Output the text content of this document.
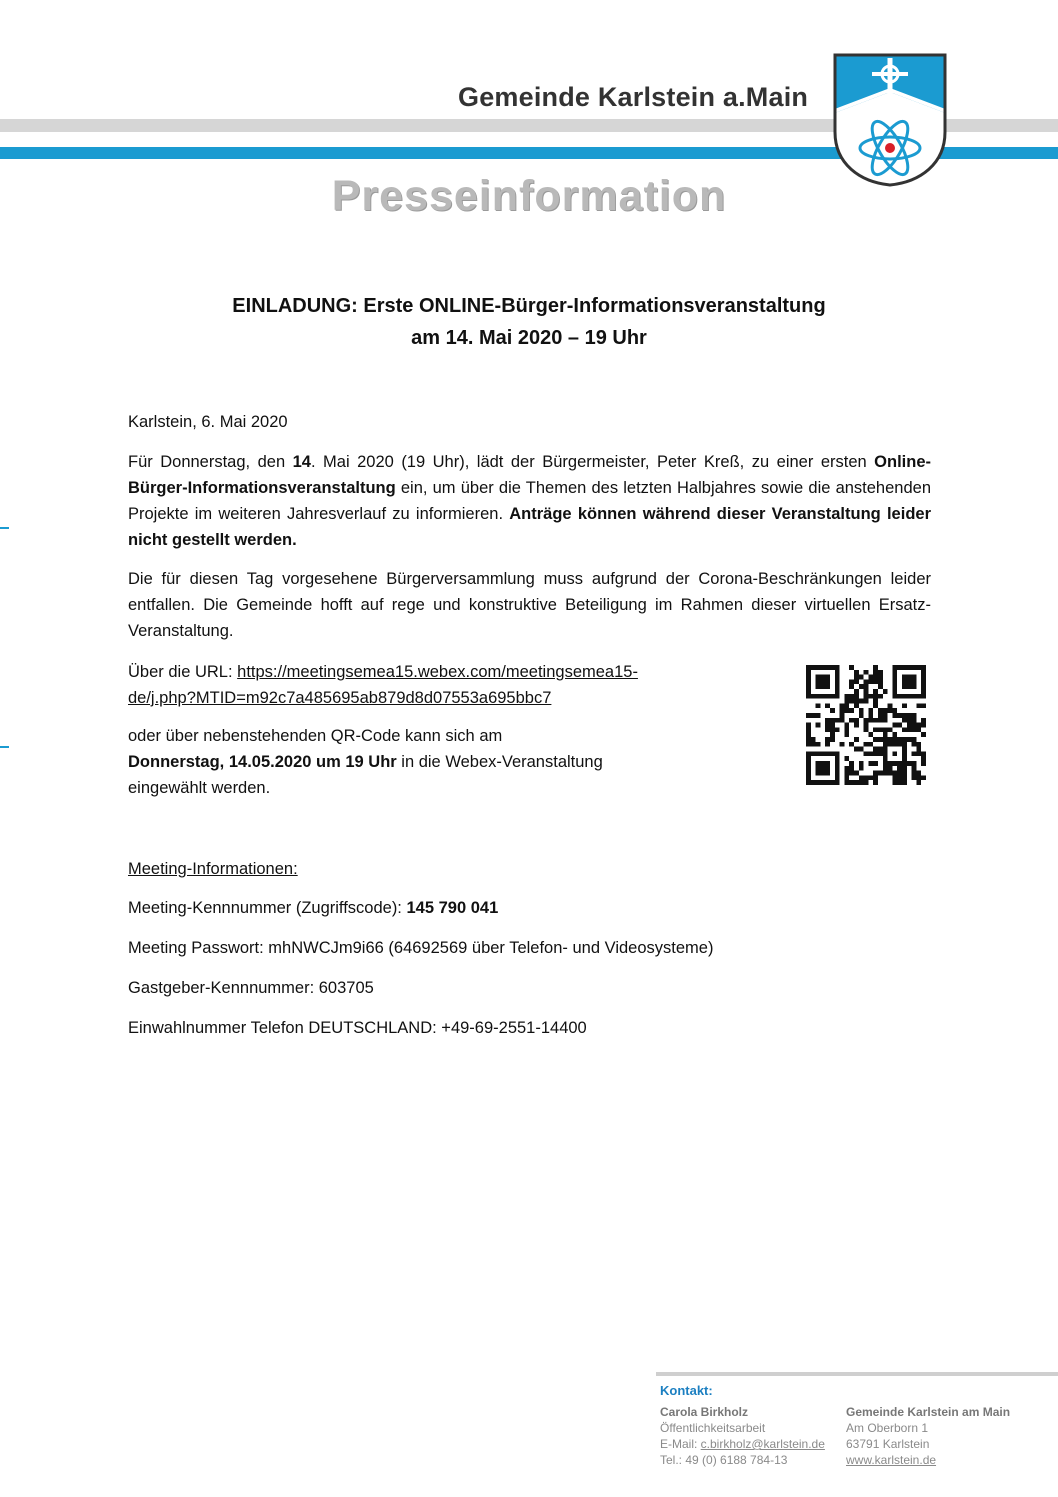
Gemeinde Karlstein a.Main
Presseinformation
EINLADUNG: Erste ONLINE-Bürger-Informationsveranstaltung
am 14. Mai 2020 – 19 Uhr
Karlstein, 6. Mai 2020
Für Donnerstag, den 14. Mai 2020 (19 Uhr), lädt der Bürgermeister, Peter Kreß, zu einer ersten Online-Bürger-Informationsveranstaltung ein, um über die Themen des letzten Halbjahres sowie die anstehenden Projekte im weiteren Jahresverlauf zu informieren. Anträge können während dieser Veranstaltung leider nicht gestellt werden.
Die für diesen Tag vorgesehene Bürgerversammlung muss aufgrund der Corona-Beschränkungen leider entfallen. Die Gemeinde hofft auf rege und konstruktive Beteiligung im Rahmen dieser virtuellen Ersatz-Veranstaltung.
Über die URL: https://meetingsemea15.webex.com/meetingsemea15-
de/j.php?MTID=m92c7a485695ab879d8d07553a695bbc7
oder über nebenstehenden QR-Code kann sich am
Donnerstag, 14.05.2020 um 19 Uhr in die Webex-Veranstaltung
eingewählt werden.
Meeting-Informationen:
Meeting-Kennnummer (Zugriffscode): 145 790 041
Meeting Passwort: mhNWCJm9i66 (64692569 über Telefon- und Videosysteme)
Gastgeber-Kennnummer: 603705
Einwahlnummer Telefon DEUTSCHLAND: +49-69-2551-14400
Kontakt:
Carola Birkholz
Öffentlichkeitsarbeit
E-Mail: c.birkholz@karlstein.de
Tel.: 49 (0) 6188 784-13
Gemeinde Karlstein am Main
Am Oberborn 1
63791 Karlstein
www.karlstein.de
